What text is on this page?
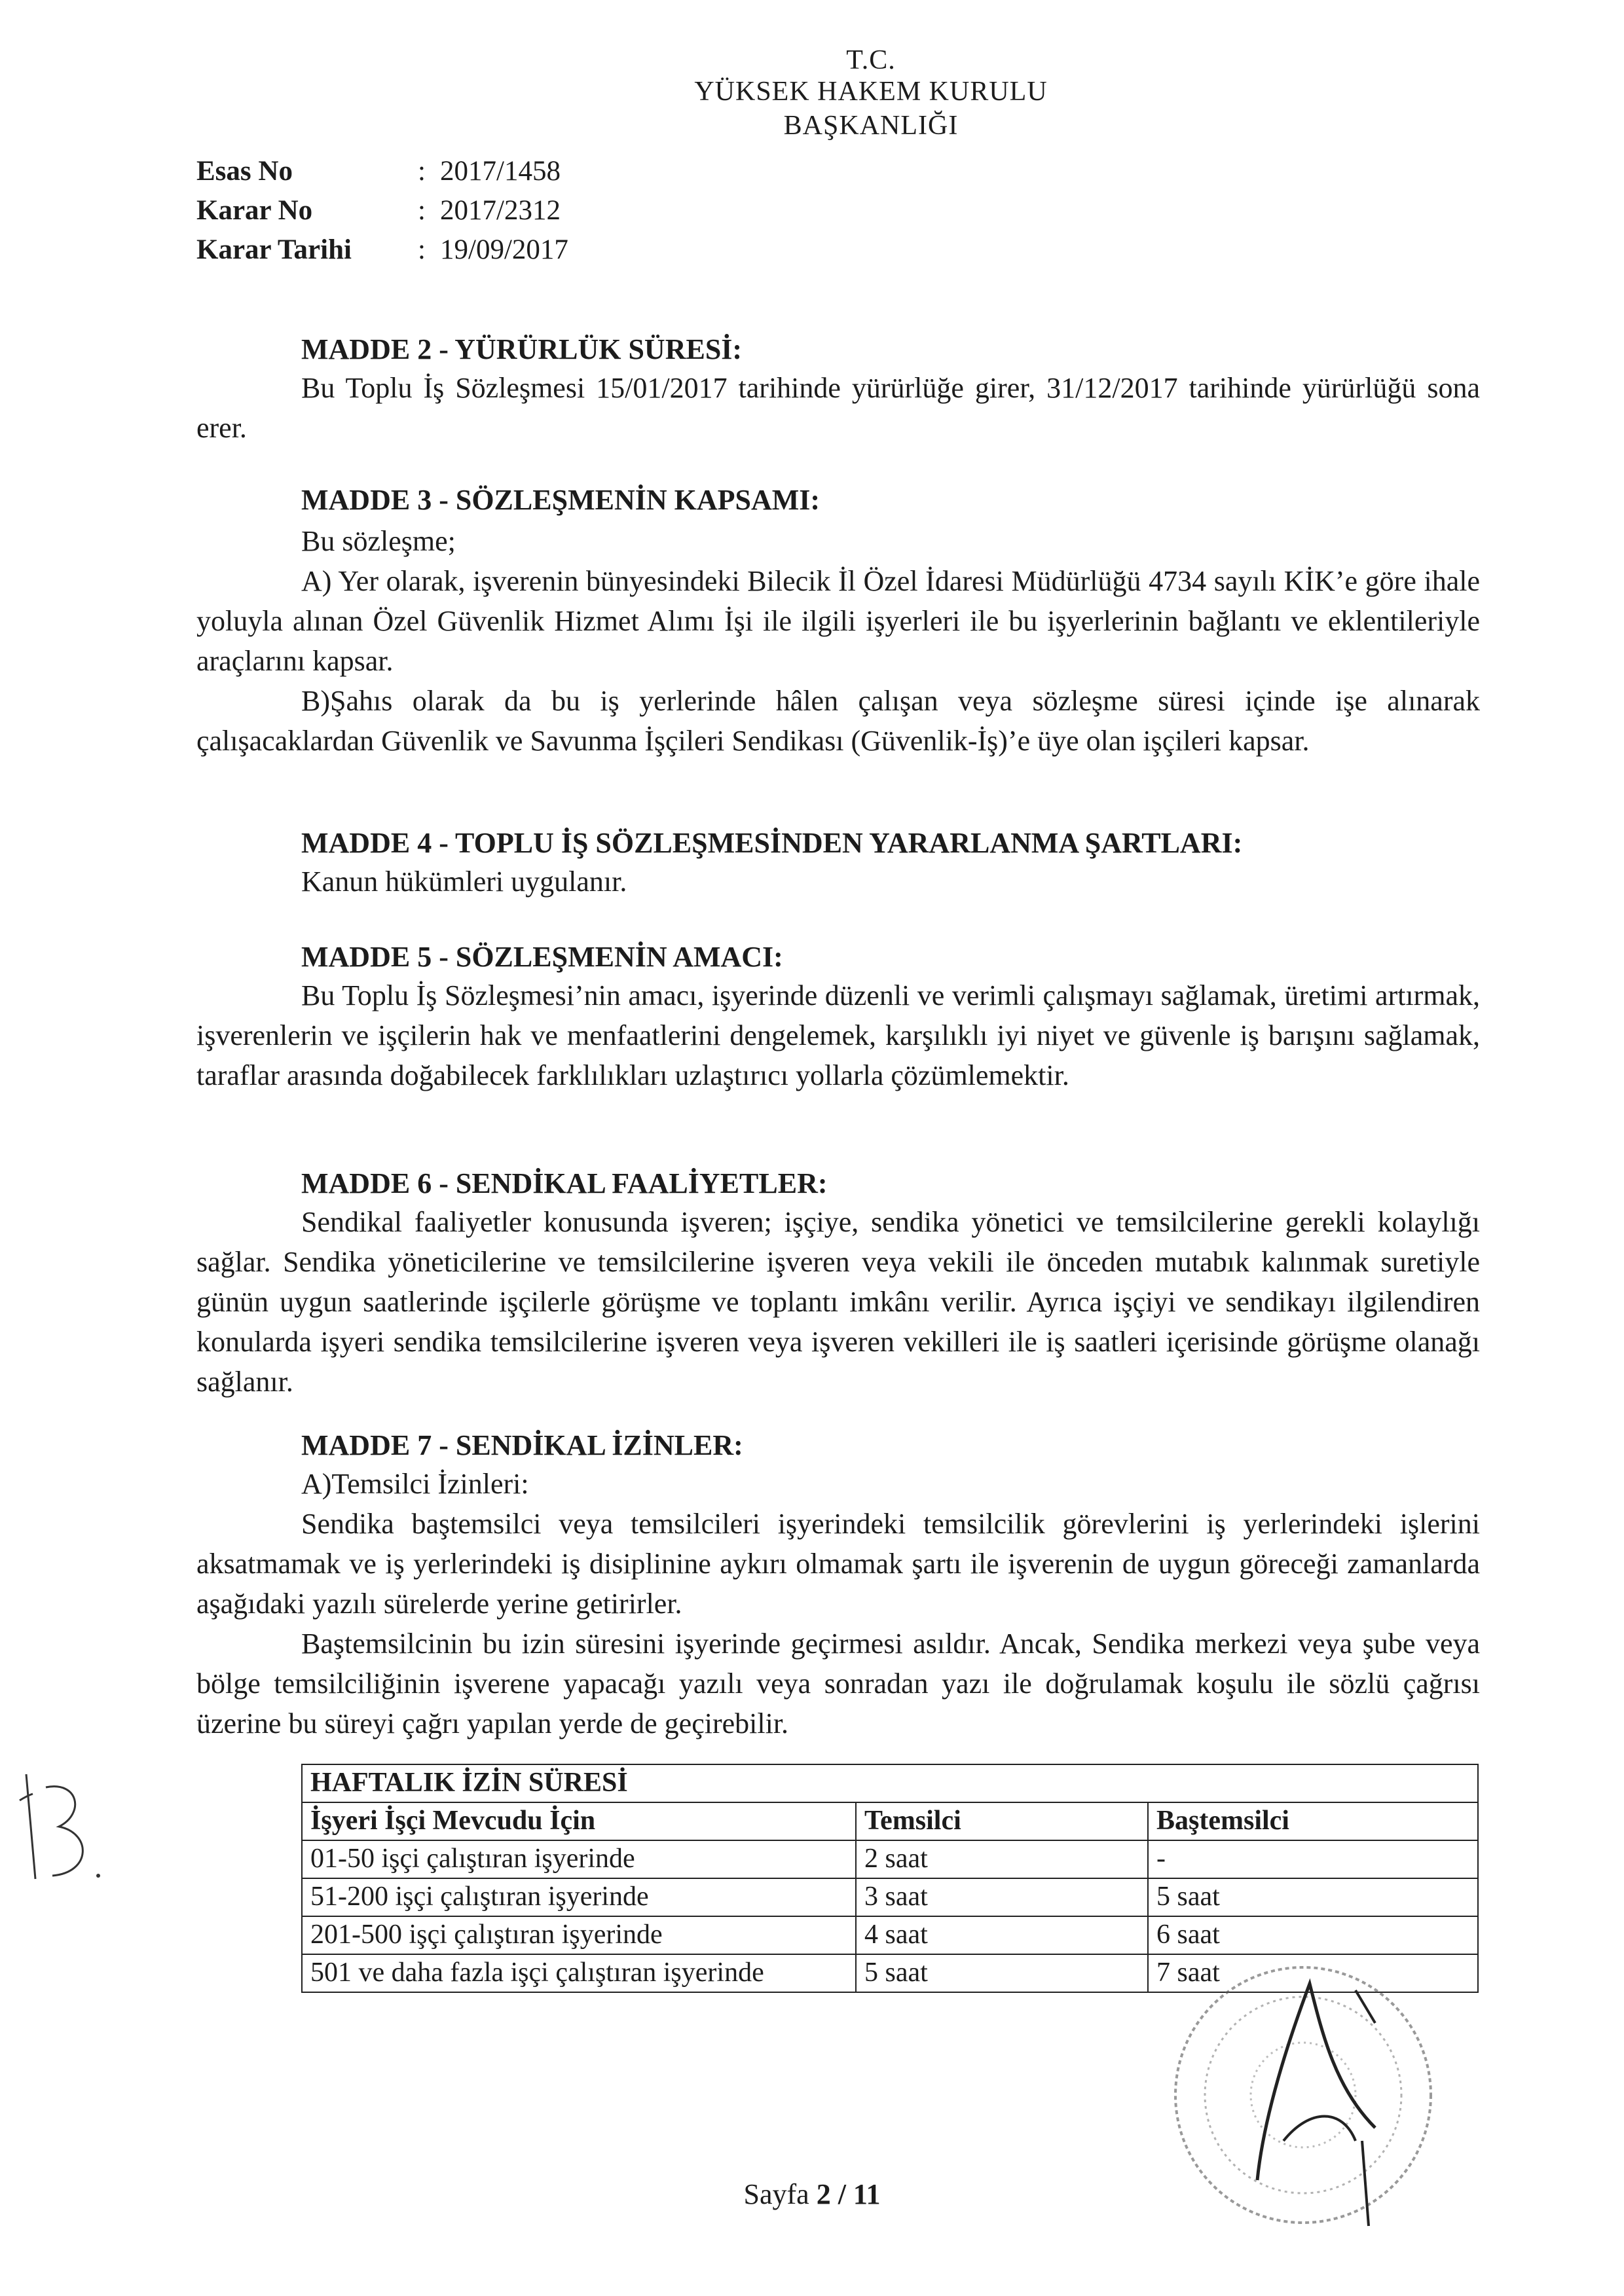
T.C.
YÜKSEK HAKEM KURULU
BAŞKANLIĞI
Esas No	: 2017/1458
Karar No	: 2017/2312
Karar Tarihi : 19/09/2017
MADDE 2 - YÜRÜRLÜK SÜRESİ:
Bu Toplu İş Sözleşmesi 15/01/2017 tarihinde yürürlüğe girer, 31/12/2017 tarihinde yürürlüğü sona erer.
MADDE 3 - SÖZLEŞMENİN KAPSAMI:
Bu sözleşme;
A) Yer olarak, işverenin bünyesindeki Bilecik İl Özel İdaresi Müdürlüğü 4734 sayılı KİK’e göre ihale yoluyla alınan Özel Güvenlik Hizmet Alımı İşi ile ilgili işyerleri ile bu işyerlerinin bağlantı ve eklentileriyle araçlarını kapsar.
B)Şahıs olarak da bu iş yerlerinde hâlen çalışan veya sözleşme süresi içinde işe alınarak çalışacaklardan Güvenlik ve Savunma İşçileri Sendikası (Güvenlik-İş)’e üye olan işçileri kapsar.
MADDE 4 - TOPLU İŞ SÖZLEŞMESİNDEN YARARLANMA ŞARTLARI:
Kanun hükümleri uygulanır.
MADDE 5 - SÖZLEŞMENİN AMACI:
Bu Toplu İş Sözleşmesi’nin amacı, işyerinde düzenli ve verimli çalışmayı sağlamak, üretimi artırmak, işverenlerin ve işçilerin hak ve menfaatlerini dengelemek, karşılıklı iyi niyet ve güvenle iş barışını sağlamak, taraflar arasında doğabilecek farklılıkları uzlaştırıcı yollarla çözümlemektir.
MADDE 6 - SENDİKAL FAALİYETLER:
Sendikal faaliyetler konusunda işveren; işçiye, sendika yönetici ve temsilcilerine gerekli kolaylığı sağlar. Sendika yöneticilerine ve temsilcilerine işveren veya vekili ile önceden mutabık kalınmak suretiyle günün uygun saatlerinde işçilerle görüşme ve toplantı imkânı verilir. Ayrıca işçiyi ve sendikayı ilgilendiren konularda işyeri sendika temsilcilerine işveren veya işveren vekilleri ile iş saatleri içerisinde görüşme olanağı sağlanır.
MADDE 7 - SENDİKAL İZİNLER:
A)Temsilci İzinleri:
Sendika baştemsilci veya temsilcileri işyerindeki temsilcilik görevlerini iş yerlerindeki işlerini aksatmamak ve iş yerlerindeki iş disiplinine aykırı olmamak şartı ile işverenin de uygun göreceği zamanlarda aşağıdaki yazılı sürelerde yerine getirirler.
Baştemsilcinin bu izin süresini işyerinde geçirmesi asıldır. Ancak, Sendika merkezi veya şube veya bölge temsilciliğinin işverene yapacağı yazılı veya sonradan yazı ile doğrulamak koşulu ile sözlü çağrısı üzerine bu süreyi çağrı yapılan yerde de geçirebilir.
HAFTALIK İZİN SÜRESİ		
İşyeri İşçi Mevcudu İçin	Temsilci	Baştemsilci
01-50 işçi çalıştıran işyerinde	2 saat	-
51-200 işçi çalıştıran işyerinde	3 saat	5 saat
201-500 işçi çalıştıran işyerinde	4 saat	6 saat
501 ve daha fazla işçi çalıştıran işyerinde	5 saat	7 saat
Sayfa 2 / 11
